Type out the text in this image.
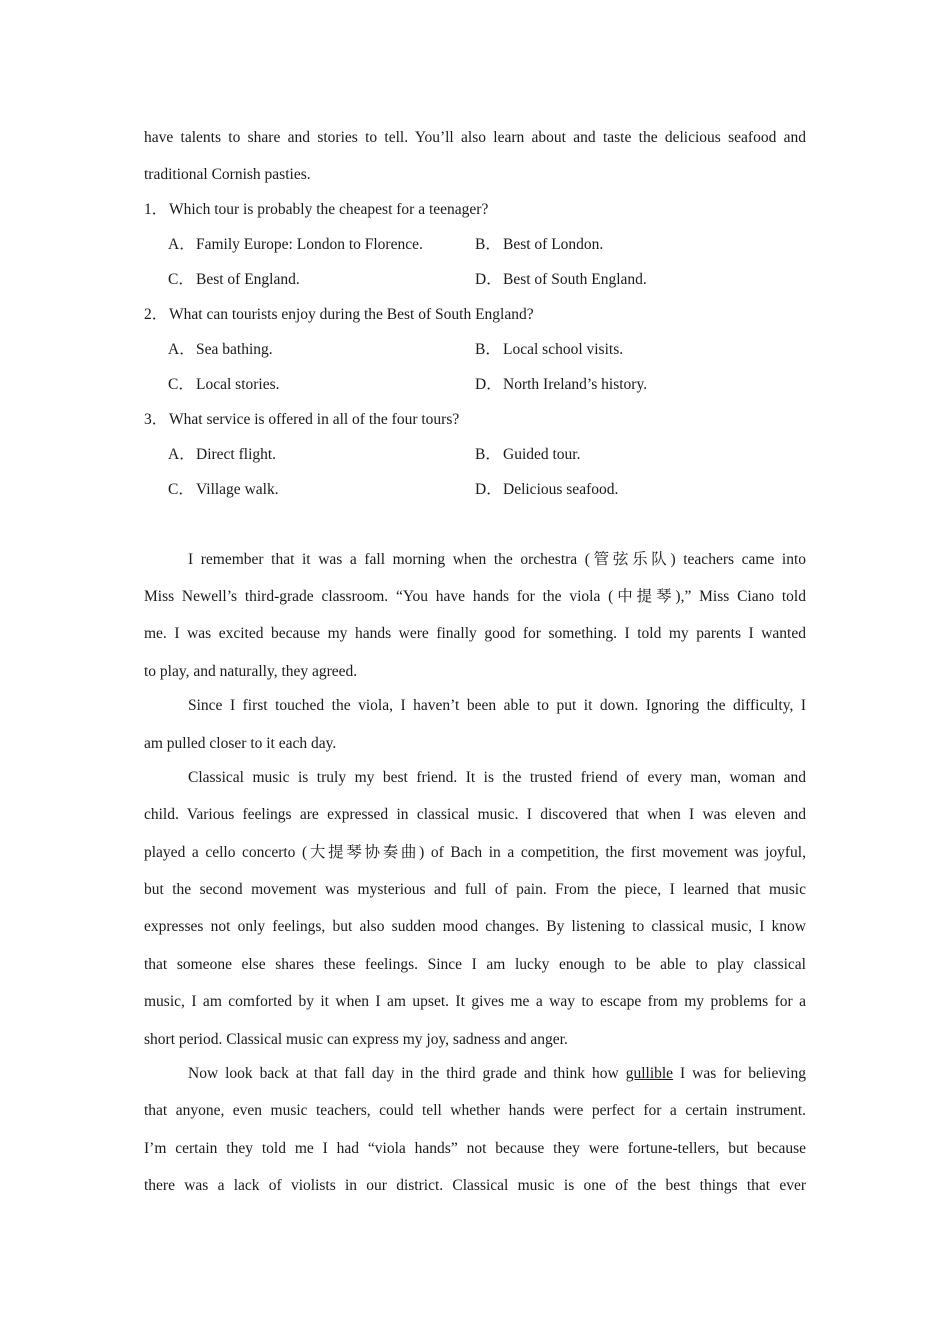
have talents to share and stories to tell. You’ll also learn about and taste the delicious seafood and
traditional Cornish pasties.
1． Which tour is probably the cheapest for a teenager?
A．Family Europe: London to Florence.	B． Best of London.
C． Best of England.	D．Best of South England.
2． What can tourists enjoy during the Best of South England?
A．Sea bathing.	B． Local school visits.
C． Local stories.	D．North Ireland’s history.
3． What service is offered in all of the four tours?
A．Direct flight.	B． Guided tour.
C． Village walk.	D．Delicious seafood.
I remember that it was a fall morning when the orchestra (管弦乐队) teachers came into
Miss Newell’s third-grade classroom. “You have hands for the viola (中提琴),” Miss Ciano told
me. I was excited because my hands were finally good for something. I told my parents I wanted
to play, and naturally, they agreed.
Since I first touched the viola, I haven’t been able to put it down. Ignoring the difficulty, I
am pulled closer to it each day.
Classical music is truly my best friend. It is the trusted friend of every man, woman and
child. Various feelings are expressed in classical music. I discovered that when I was eleven and
played a cello concerto (大提琴协奏曲) of Bach in a competition, the first movement was joyful,
but the second movement was mysterious and full of pain. From the piece, I learned that music
expresses not only feelings, but also sudden mood changes. By listening to classical music, I know
that someone else shares these feelings. Since I am lucky enough to be able to play classical
music, I am comforted by it when I am upset. It gives me a way to escape from my problems for a
short period. Classical music can express my joy, sadness and anger.
Now look back at that fall day in the third grade and think how gullible I was for believing
that anyone, even music teachers, could tell whether hands were perfect for a certain instrument.
I’m certain they told me I had “viola hands” not because they were fortune-tellers, but because
there was a lack of violists in our district. Classical music is one of the best things that ever
